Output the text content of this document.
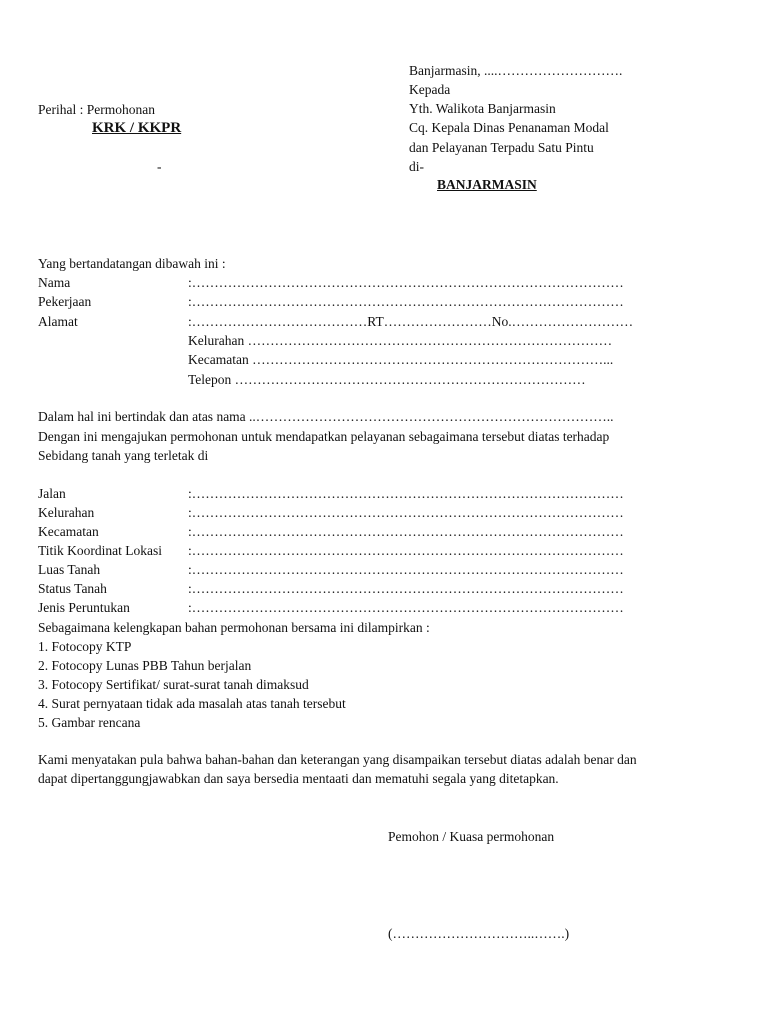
Perihal : Permohonan
KRK / KKPR
-
Banjarmasin, ....……………………….
Kepada
Yth. Walikota Banjarmasin
Cq. Kepala Dinas Penanaman Modal
dan Pelayanan Terpadu Satu Pintu
di-
BANJARMASIN
Yang bertandatangan dibawah ini :
Nama	:……………………………………………………………………………………
Pekerjaan	:……………………………………………………………………………………
Alamat	:…………………………………RT……………………No.………………………
Kelurahan ………………………………………………………………………
Kecamatan ……………………………………………………………………...
Telepon ……………………………………………………………………
Dalam hal ini bertindak dan atas nama ..……………………………………………………………………..
Dengan ini mengajukan permohonan untuk mendapatkan pelayanan sebagaimana tersebut diatas terhadap
Sebidang tanah yang terletak di
Jalan	:……………………………………………………………………………………
Kelurahan	:……………………………………………………………………………………
Kecamatan	:……………………………………………………………………………………
Titik Koordinat Lokasi :……………………………………………………………………………………
Luas Tanah	:……………………………………………………………………………………
Status Tanah	:……………………………………………………………………………………
Jenis Peruntukan	:……………………………………………………………………………………
Sebagaimana kelengkapan bahan permohonan bersama ini dilampirkan :
1. Fotocopy KTP
2. Fotocopy Lunas PBB Tahun berjalan
3. Fotocopy Sertifikat/ surat-surat tanah dimaksud
4. Surat pernyataan tidak ada masalah atas tanah tersebut
5. Gambar rencana
Kami menyatakan pula bahwa bahan-bahan dan keterangan yang disampaikan tersebut diatas adalah benar dan
dapat dipertanggungjawabkan dan saya bersedia mentaati dan mematuhi segala yang ditetapkan.
Pemohon / Kuasa permohonan
(…………………………..…….)
